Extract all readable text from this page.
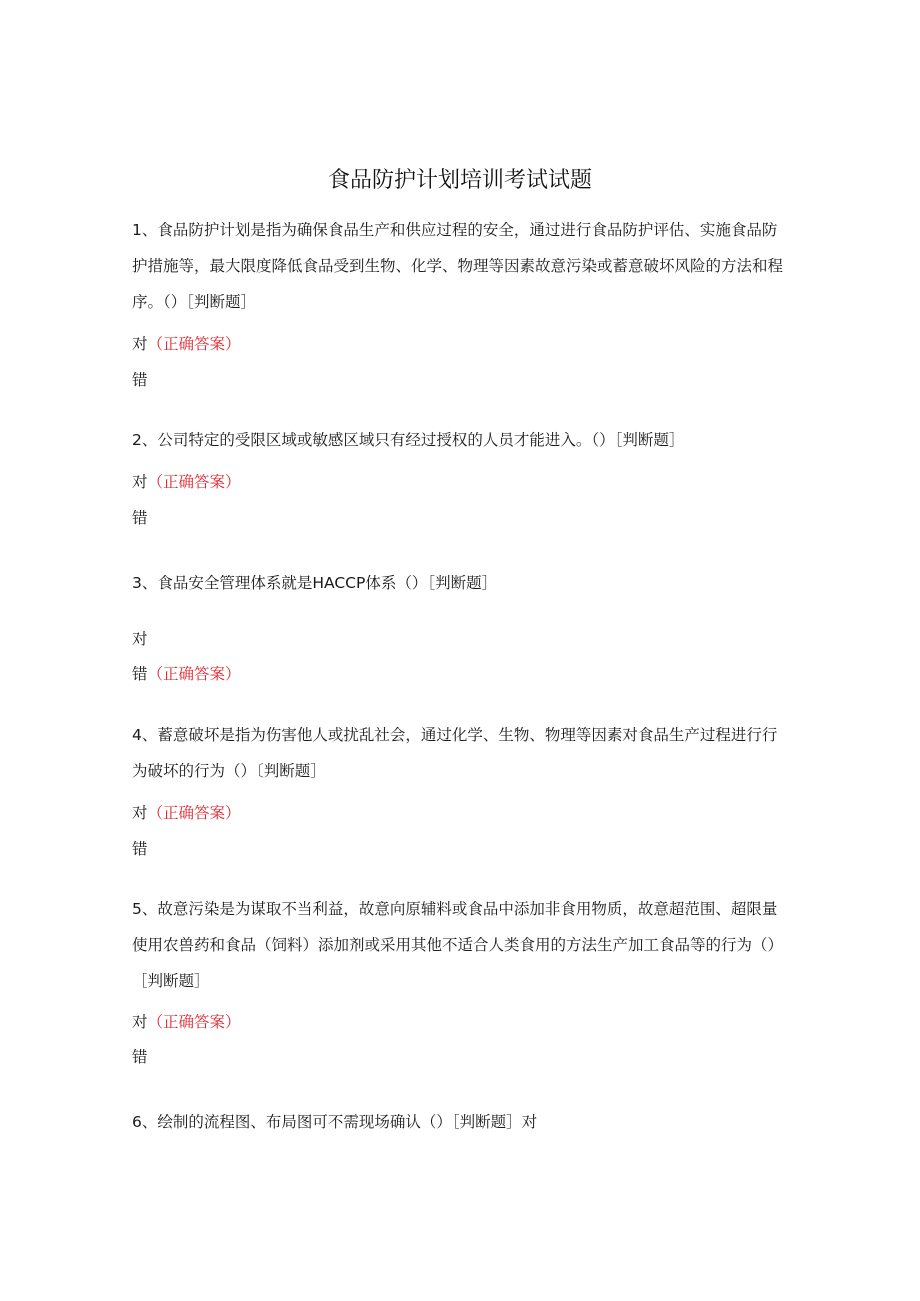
食品防护计划培训考试试题
1、食品防护计划是指为确保食品生产和供应过程的安全，通过进行食品防护评估、实施食品防护措施等，最大限度降低食品受到生物、化学、物理等因素故意污染或蓄意破坏风险的方法和程序。（）［判断题］
对（正确答案）
错
2、公司特定的受限区域或敏感区域只有经过授权的人员才能进入。（）［判断题］
对（正确答案）
错
3、食品安全管理体系就是HACCP体系（）［判断题］
对
错（正确答案）
4、蓄意破坏是指为伤害他人或扰乱社会，通过化学、生物、物理等因素对食品生产过程进行行为破坏的行为（）〔判断题］
对（正确答案）
错
5、故意污染是为谋取不当利益，故意向原辅料或食品中添加非食用物质，故意超范围、超限量使用农兽药和食品（饲料）添加剂或采用其他不适合人类食用的方法生产加工食品等的行为（）［判断题］
对（正确答案）
错
6、绘制的流程图、布局图可不需现场确认（）［判断题］对
